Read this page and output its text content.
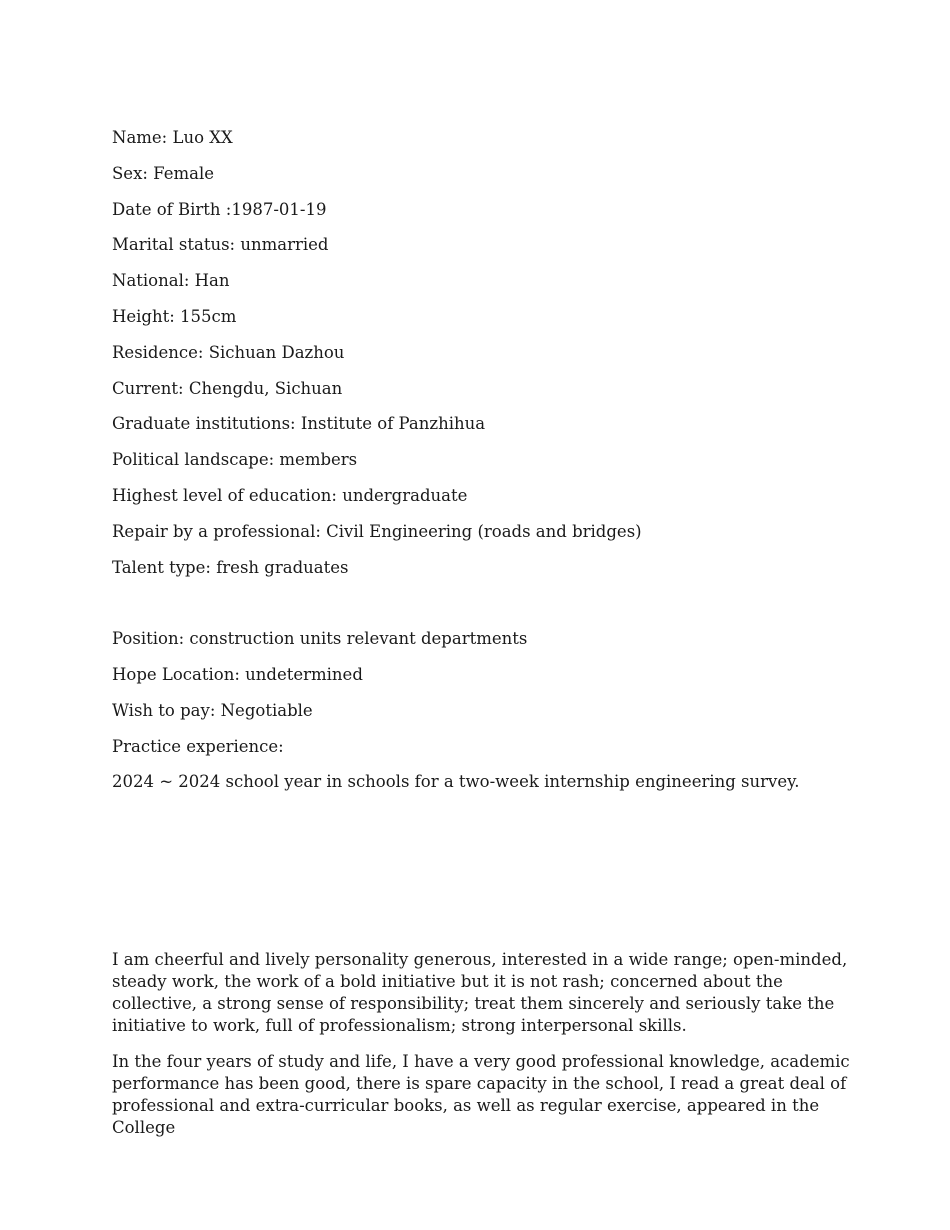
Name: Luo XX
Sex: Female
Date of Birth :1987-01-19
Marital status: unmarried
National: Han
Height: 155cm
Residence: Sichuan Dazhou
Current: Chengdu, Sichuan
Graduate institutions: Institute of Panzhihua
Political landscape: members
Highest level of education: undergraduate
Repair by a professional: Civil Engineering (roads and bridges)
Talent type: fresh graduates
Position: construction units relevant departments
Hope Location: undetermined
Wish to pay: Negotiable
Practice experience:
2024 ~ 2024 school year in schools for a two-week internship engineering survey.

I am cheerful and lively personality generous, interested in a wide range; open-minded, steady work, the work of a bold initiative but it is not rash; concerned about the collective, a strong sense of responsibility; treat them sincerely and seriously take the initiative to work, full of professionalism; strong interpersonal skills.

In the four years of study and life, I have a very good professional knowledge, academic performance has been good, there is spare capacity in the school, I read a great deal of professional and extra-curricular books, as well as regular exercise, appeared in the College
